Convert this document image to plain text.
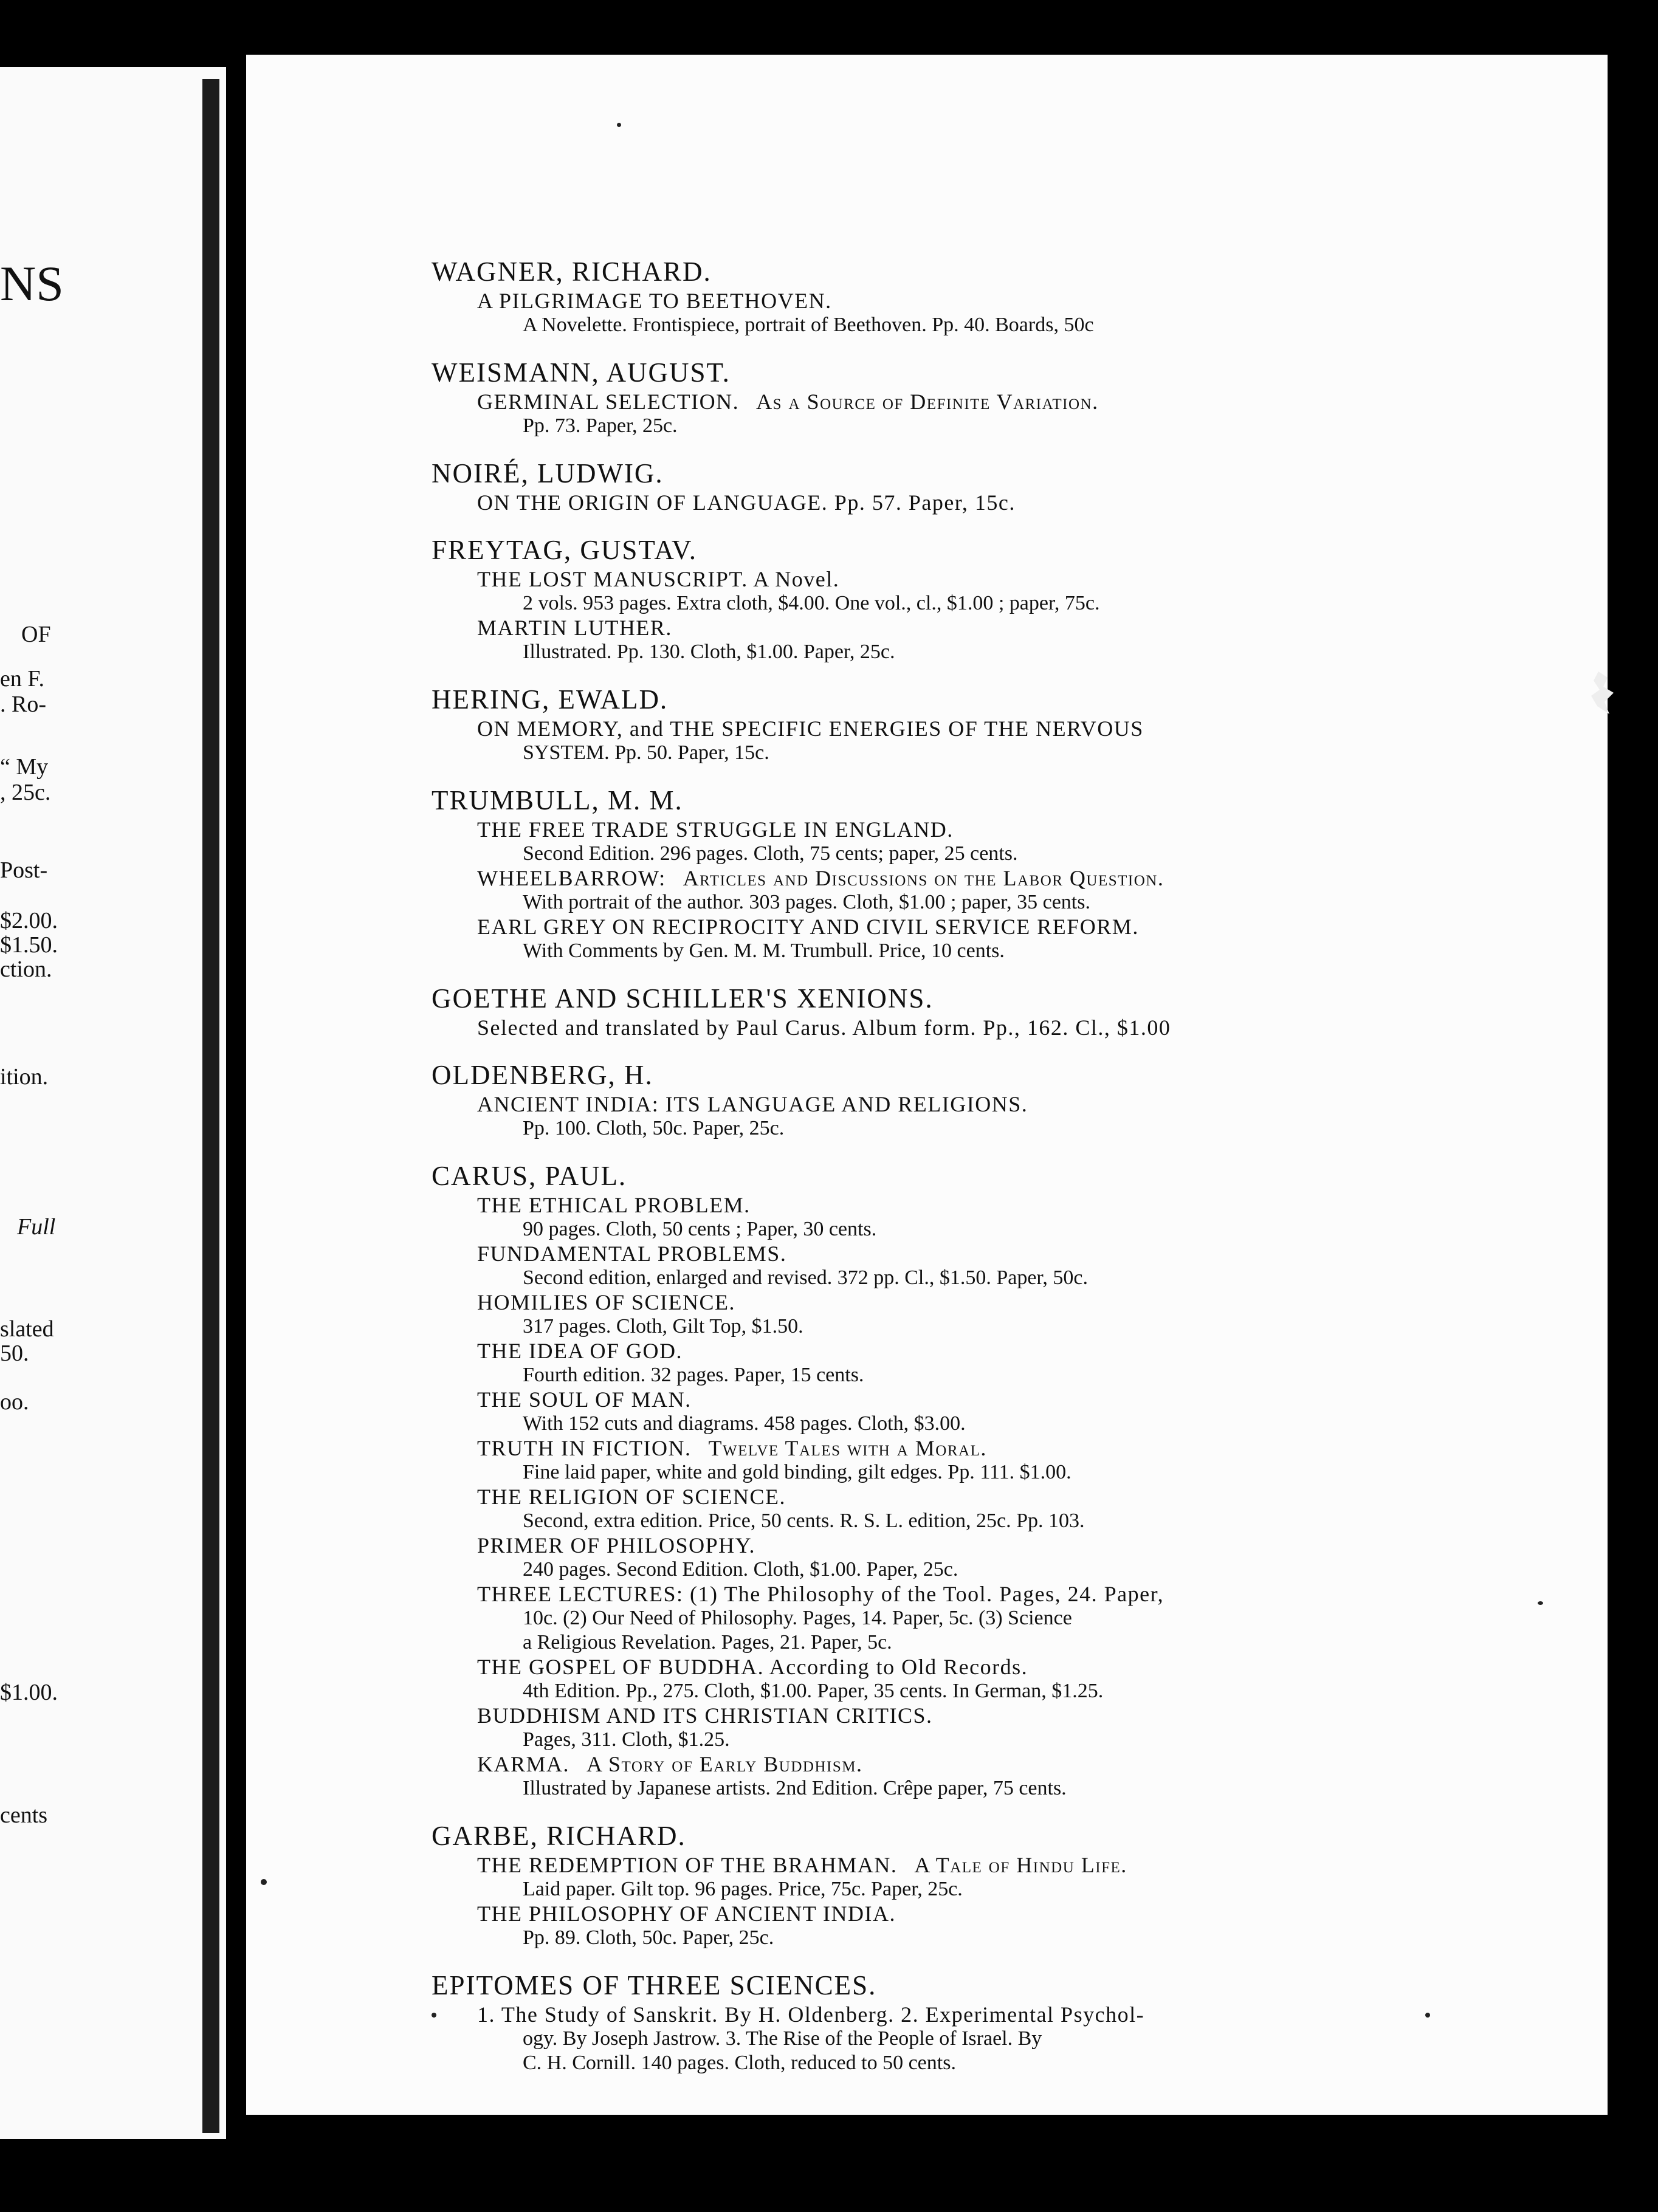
NS
OF
en F.
. Ro-
“ My
, 25c.
Post-
$2.00.
$1.50.
ction.
ition.
Full
slated
50.
oo.
$1.00.
cents
WAGNER, RICHARD.
A PILGRIMAGE TO BEETHOVEN.
A Novelette. Frontispiece, portrait of Beethoven. Pp. 40. Boards, 50c
WEISMANN, AUGUST.
GERMINAL SELECTION. As a Source of Definite Variation.
Pp. 73. Paper, 25c.
NOIRÉ, LUDWIG.
ON THE ORIGIN OF LANGUAGE. Pp. 57. Paper, 15c.
FREYTAG, GUSTAV.
THE LOST MANUSCRIPT. A Novel.
2 vols. 953 pages. Extra cloth, $4.00. One vol., cl., $1.00 ; paper, 75c.
MARTIN LUTHER.
Illustrated. Pp. 130. Cloth, $1.00. Paper, 25c.
HERING, EWALD.
ON MEMORY, and THE SPECIFIC ENERGIES OF THE NERVOUS
SYSTEM. Pp. 50. Paper, 15c.
TRUMBULL, M. M.
THE FREE TRADE STRUGGLE IN ENGLAND.
Second Edition. 296 pages. Cloth, 75 cents; paper, 25 cents.
WHEELBARROW: Articles and Discussions on the Labor Question.
With portrait of the author. 303 pages. Cloth, $1.00 ; paper, 35 cents.
EARL GREY ON RECIPROCITY AND CIVIL SERVICE REFORM.
With Comments by Gen. M. M. Trumbull. Price, 10 cents.
GOETHE AND SCHILLER'S XENIONS.
Selected and translated by Paul Carus. Album form. Pp., 162. Cl., $1.00
OLDENBERG, H.
ANCIENT INDIA: ITS LANGUAGE AND RELIGIONS.
Pp. 100. Cloth, 50c. Paper, 25c.
CARUS, PAUL.
THE ETHICAL PROBLEM.
90 pages. Cloth, 50 cents ; Paper, 30 cents.
FUNDAMENTAL PROBLEMS.
Second edition, enlarged and revised. 372 pp. Cl., $1.50. Paper, 50c.
HOMILIES OF SCIENCE.
317 pages. Cloth, Gilt Top, $1.50.
THE IDEA OF GOD.
Fourth edition. 32 pages. Paper, 15 cents.
THE SOUL OF MAN.
With 152 cuts and diagrams. 458 pages. Cloth, $3.00.
TRUTH IN FICTION. Twelve Tales with a Moral.
Fine laid paper, white and gold binding, gilt edges. Pp. 111. $1.00.
THE RELIGION OF SCIENCE.
Second, extra edition. Price, 50 cents. R. S. L. edition, 25c. Pp. 103.
PRIMER OF PHILOSOPHY.
240 pages. Second Edition. Cloth, $1.00. Paper, 25c.
THREE LECTURES: (1) The Philosophy of the Tool. Pages, 24. Paper,
10c. (2) Our Need of Philosophy. Pages, 14. Paper, 5c. (3) Science
a Religious Revelation. Pages, 21. Paper, 5c.
THE GOSPEL OF BUDDHA. According to Old Records.
4th Edition. Pp., 275. Cloth, $1.00. Paper, 35 cents. In German, $1.25.
BUDDHISM AND ITS CHRISTIAN CRITICS.
Pages, 311. Cloth, $1.25.
KARMA. A Story of Early Buddhism.
Illustrated by Japanese artists. 2nd Edition. Crêpe paper, 75 cents.
GARBE, RICHARD.
THE REDEMPTION OF THE BRAHMAN. A Tale of Hindu Life.
Laid paper. Gilt top. 96 pages. Price, 75c. Paper, 25c.
THE PHILOSOPHY OF ANCIENT INDIA.
Pp. 89. Cloth, 50c. Paper, 25c.
EPITOMES OF THREE SCIENCES.
1. The Study of Sanskrit. By H. Oldenberg. 2. Experimental Psychol-
ogy. By Joseph Jastrow. 3. The Rise of the People of Israel. By
C. H. Cornill. 140 pages. Cloth, reduced to 50 cents.
